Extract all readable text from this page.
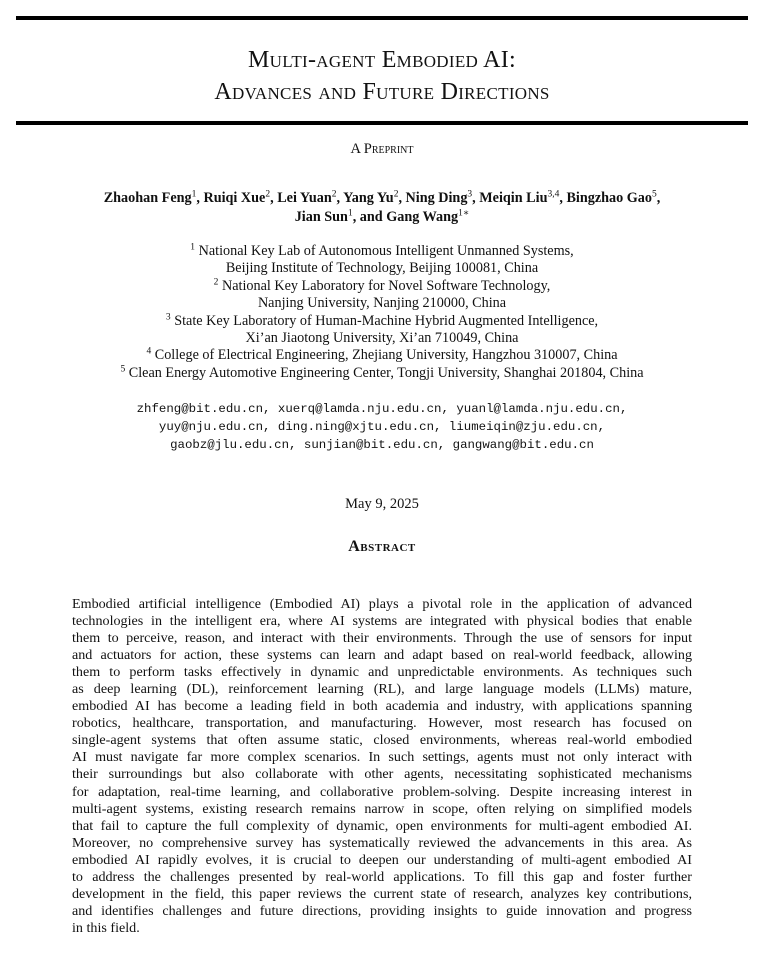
Multi-agent Embodied AI:
Advances and Future Directions
A Preprint
Zhaohan Feng$^1$, Ruiqi Xue$^2$, Lei Yuan$^2$, Yang Yu$^2$, Ning Ding$^3$, Meiqin Liu$^{3,4}$, Bingzhao Gao$^5$,
Jian Sun$^1$, and Gang Wang$^{1∗}$
$^1$ National Key Lab of Autonomous Intelligent Unmanned Systems,
Beijing Institute of Technology, Beijing 100081, China
$^2$ National Key Laboratory for Novel Software Technology,
Nanjing University, Nanjing 210000, China
$^3$ State Key Laboratory of Human-Machine Hybrid Augmented Intelligence,
Xi’an Jiaotong University, Xi’an 710049, China
$^4$ College of Electrical Engineering, Zhejiang University, Hangzhou 310007, China
$^5$ Clean Energy Automotive Engineering Center, Tongji University, Shanghai 201804, China
zhfeng@bit.edu.cn, xuerq@lamda.nju.edu.cn, yuanl@lamda.nju.edu.cn,
yuy@nju.edu.cn, ding.ning@xjtu.edu.cn, liumeiqin@zju.edu.cn,
gaobz@jlu.edu.cn, sunjian@bit.edu.cn, gangwang@bit.edu.cn
May 9, 2025
Abstract
Embodied artificial intelligence (Embodied AI) plays a pivotal role in the application of advanced
technologies in the intelligent era, where AI systems are integrated with physical bodies that enable
them to perceive, reason, and interact with their environments. Through the use of sensors for input
and actuators for action, these systems can learn and adapt based on real-world feedback, allowing
them to perform tasks effectively in dynamic and unpredictable environments. As techniques such
as deep learning (DL), reinforcement learning (RL), and large language models (LLMs) mature,
embodied AI has become a leading field in both academia and industry, with applications spanning
robotics, healthcare, transportation, and manufacturing. However, most research has focused on
single-agent systems that often assume static, closed environments, whereas real-world embodied
AI must navigate far more complex scenarios. In such settings, agents must not only interact with
their surroundings but also collaborate with other agents, necessitating sophisticated mechanisms
for adaptation, real-time learning, and collaborative problem-solving. Despite increasing interest in
multi-agent systems, existing research remains narrow in scope, often relying on simplified models
that fail to capture the full complexity of dynamic, open environments for multi-agent embodied AI.
Moreover, no comprehensive survey has systematically reviewed the advancements in this area. As
embodied AI rapidly evolves, it is crucial to deepen our understanding of multi-agent embodied AI
to address the challenges presented by real-world applications. To fill this gap and foster further
development in the field, this paper reviews the current state of research, analyzes key contributions,
and identifies challenges and future directions, providing insights to guide innovation and progress
in this field.
